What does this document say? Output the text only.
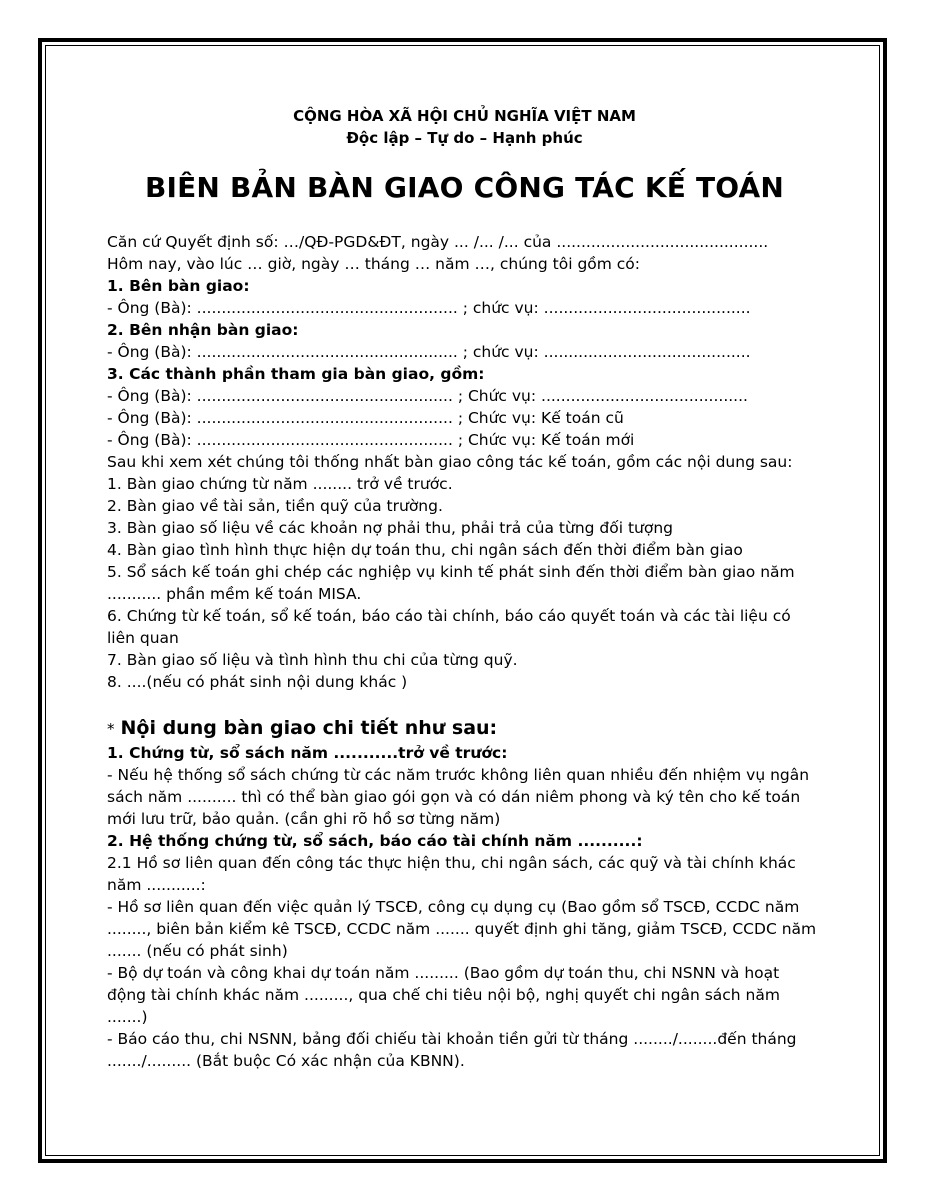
CỘNG HÒA XÃ HỘI CHỦ NGHĨA VIỆT NAM
Độc lập – Tự do – Hạnh phúc
BIÊN BẢN BÀN GIAO CÔNG TÁC KẾ TOÁN
Căn cứ Quyết định số: …/QĐ-PGD&ĐT, ngày ... /... /... của ...........................................
Hôm nay, vào lúc … giờ, ngày … tháng … năm …, chúng tôi gồm có:
1. Bên bàn giao:
- Ông (Bà): ..................................................... ; chức vụ: ..........................................
2. Bên nhận bàn giao:
- Ông (Bà): ..................................................... ; chức vụ: ..........................................
3. Các thành phần tham gia bàn giao, gồm:
- Ông (Bà): .................................................... ; Chức vụ: ..........................................
- Ông (Bà): .................................................... ; Chức vụ: Kế toán cũ
- Ông (Bà): .................................................... ; Chức vụ: Kế toán mới
Sau khi xem xét chúng tôi thống nhất bàn giao công tác kế toán, gồm các nội dung sau:
1. Bàn giao chứng từ năm ........ trở về trước.
2. Bàn giao về tài sản, tiền quỹ của trường.
3. Bàn giao số liệu về các khoản nợ phải thu, phải trả của từng đối tượng
4. Bàn giao tình hình thực hiện dự toán thu, chi ngân sách đến thời điểm bàn giao
5. Sổ sách kế toán ghi chép các nghiệp vụ kinh tế phát sinh đến thời điểm bàn giao năm ........... phần mềm kế toán MISA.
6. Chứng từ kế toán, sổ kế toán, báo cáo tài chính, báo cáo quyết toán và các tài liệu có liên quan
7. Bàn giao số liệu và tình hình thu chi của từng quỹ.
8. ....(nếu có phát sinh nội dung khác )
* Nội dung bàn giao chi tiết như sau:
1. Chứng từ, sổ sách năm ...........trở về trước:
- Nếu hệ thống sổ sách chứng từ các năm trước không liên quan nhiều đến nhiệm vụ ngân sách năm .......... thì có thể bàn giao gói gọn và có dán niêm phong và ký tên cho kế toán mới lưu trữ, bảo quản. (cần ghi rõ hồ sơ từng năm)
2. Hệ thống chứng từ, sổ sách, báo cáo tài chính năm ..........:
2.1 Hồ sơ liên quan đến công tác thực hiện thu, chi ngân sách, các quỹ và tài chính khác năm ...........:
- Hồ sơ liên quan đến việc quản lý TSCĐ, công cụ dụng cụ (Bao gồm sổ TSCĐ, CCDC năm ........, biên bản kiểm kê TSCĐ, CCDC năm ....... quyết định ghi tăng, giảm TSCĐ, CCDC năm ....... (nếu có phát sinh)
- Bộ dự toán và công khai dự toán năm ......... (Bao gồm dự toán thu, chi NSNN và hoạt động tài chính khác năm ........., qua chế chi tiêu nội bộ, nghị quyết chi ngân sách năm .......)
- Báo cáo thu, chi NSNN, bảng đối chiếu tài khoản tiền gửi từ tháng ......../........đến tháng ......./......... (Bắt buộc Có xác nhận của KBNN).
